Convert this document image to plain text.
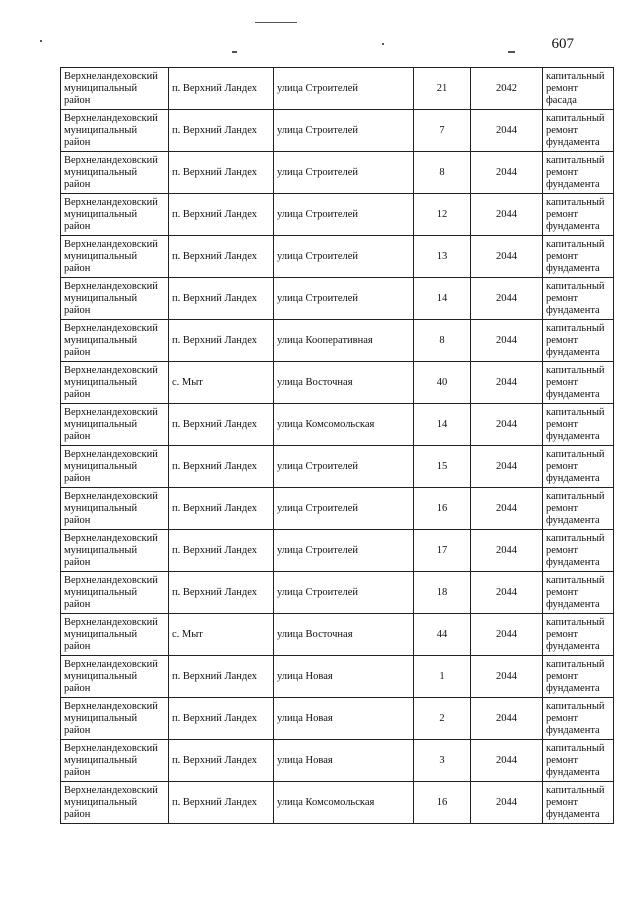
607
Верхнеландеховский муниципальный район	п. Верхний Ландех	улица Строителей	21	2042	капитальный ремонт фасада
Верхнеландеховский муниципальный район	п. Верхний Ландех	улица Строителей	7	2044	капитальный ремонт фундамента
Верхнеландеховский муниципальный район	п. Верхний Ландех	улица Строителей	8	2044	капитальный ремонт фундамента
Верхнеландеховский муниципальный район	п. Верхний Ландех	улица Строителей	12	2044	капитальный ремонт фундамента
Верхнеландеховский муниципальный район	п. Верхний Ландех	улица Строителей	13	2044	капитальный ремонт фундамента
Верхнеландеховский муниципальный район	п. Верхний Ландех	улица Строителей	14	2044	капитальный ремонт фундамента
Верхнеландеховский муниципальный район	п. Верхний Ландех	улица Кооперативная	8	2044	капитальный ремонт фундамента
Верхнеландеховский муниципальный район	с. Мыт	улица Восточная	40	2044	капитальный ремонт фундамента
Верхнеландеховский муниципальный район	п. Верхний Ландех	улица Комсомольская	14	2044	капитальный ремонт фундамента
Верхнеландеховский муниципальный район	п. Верхний Ландех	улица Строителей	15	2044	капитальный ремонт фундамента
Верхнеландеховский муниципальный район	п. Верхний Ландех	улица Строителей	16	2044	капитальный ремонт фундамента
Верхнеландеховский муниципальный район	п. Верхний Ландех	улица Строителей	17	2044	капитальный ремонт фундамента
Верхнеландеховский муниципальный район	п. Верхний Ландех	улица Строителей	18	2044	капитальный ремонт фундамента
Верхнеландеховский муниципальный район	с. Мыт	улица Восточная	44	2044	капитальный ремонт фундамента
Верхнеландеховский муниципальный район	п. Верхний Ландех	улица Новая	1	2044	капитальный ремонт фундамента
Верхнеландеховский муниципальный район	п. Верхний Ландех	улица Новая	2	2044	капитальный ремонт фундамента
Верхнеландеховский муниципальный район	п. Верхний Ландех	улица Новая	3	2044	капитальный ремонт фундамента
Верхнеландеховский муниципальный район	п. Верхний Ландех	улица Комсомольская	16	2044	капитальный ремонт фундамента
